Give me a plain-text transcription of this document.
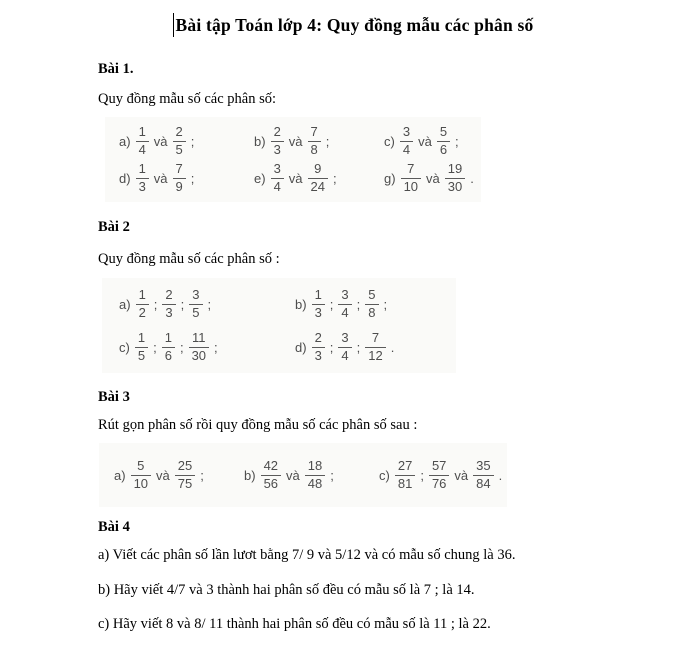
Bài tập Toán lớp 4: Quy đồng mẫu các phân số
Bài 1.
Quy đồng mẫu số các phân số:
$a) \frac{1}{4}$ và $\frac{2}{5}$ ;	$b) \frac{2}{3}$ và $\frac{7}{8}$ ;	$c) \frac{3}{4}$ và $\frac{5}{6}$ ;
$d) \frac{1}{3}$ và $\frac{7}{9}$ ;	$e) \frac{3}{4}$ và $\frac{9}{24}$ ;	$g) \frac{7}{10}$ và $\frac{19}{30}$ .
Bài 2
Quy đồng mẫu số các phân số :
$a) \frac{1}{2}$ ; $\frac{2}{3}$ ; $\frac{3}{5}$ ;	$b) \frac{1}{3}$ ; $\frac{3}{4}$ ; $\frac{5}{8}$ ;
$c) \frac{1}{5}$ ; $\frac{1}{6}$ ; $\frac{11}{30}$ ;	$d) \frac{2}{3}$ ; $\frac{3}{4}$ ; $\frac{7}{12}$ .
Bài 3
Rút gọn phân số rồi quy đồng mẫu số các phân số sau :
$a) \frac{5}{10}$ và $\frac{25}{75}$ ;	$b) \frac{42}{56}$ và $\frac{18}{48}$ ;	$c) \frac{27}{81}$ ; $\frac{57}{76}$ và $\frac{35}{84}$ .
Bài 4
a) Viết các phân số lần lươt bằng 7/ 9 và 5/12 và có mẫu số chung là 36.
b) Hãy viết 4/7 và 3 thành hai phân số đều có mẫu số là 7 ; là 14.
c) Hãy viết 8 và 8/ 11 thành hai phân số đều có mẫu số là 11 ; là 22.
